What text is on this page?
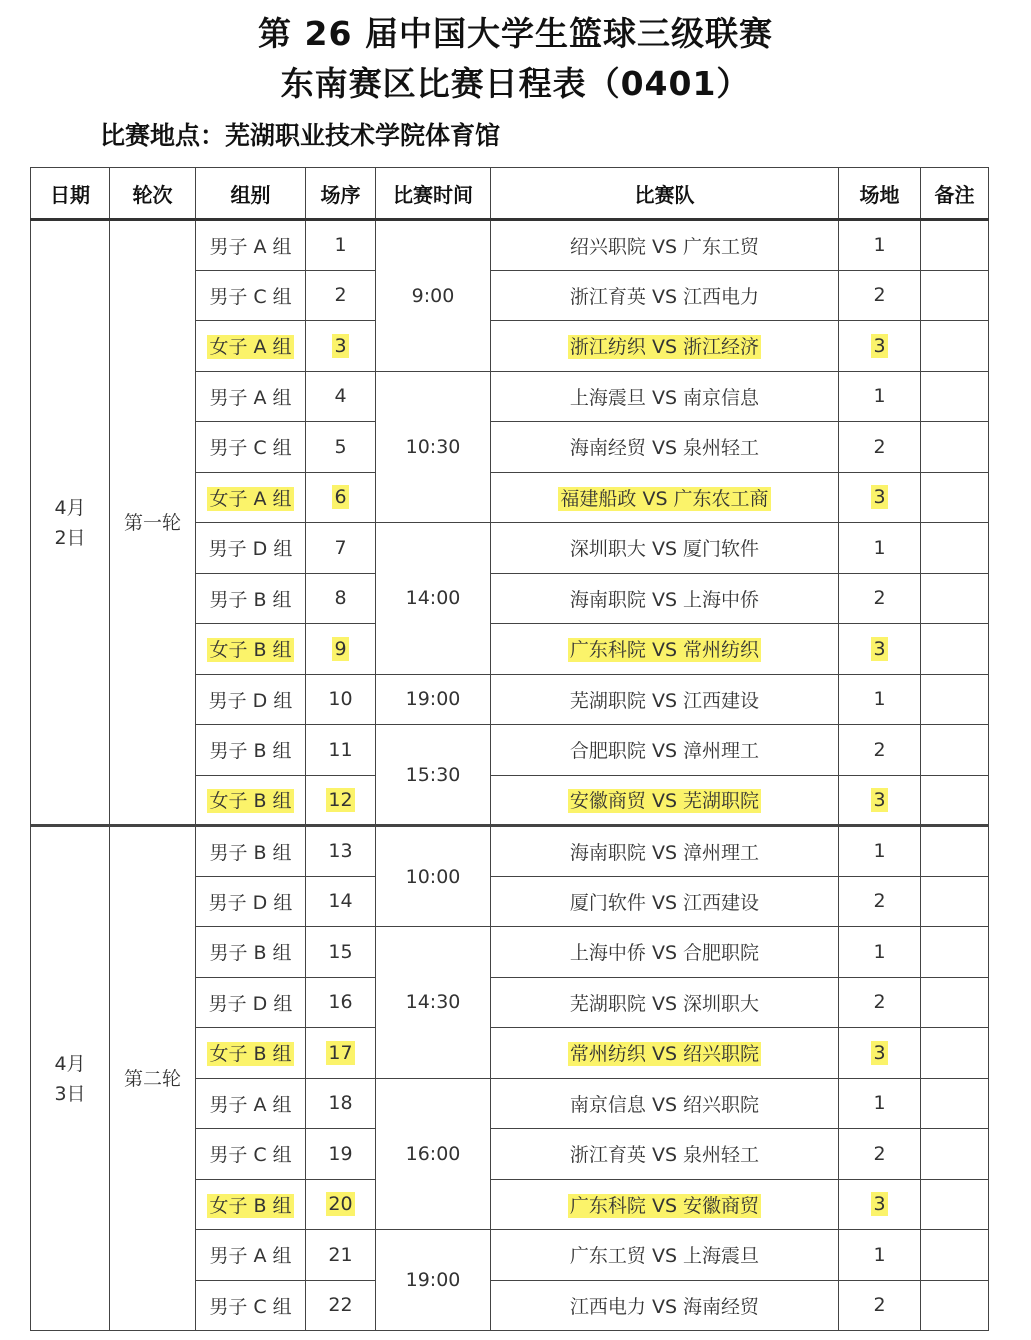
第 26 届中国大学生篮球三级联赛
东南赛区比赛日程表（0401）
比赛地点：芜湖职业技术学院体育馆
日期	轮次	组别	场序	比赛时间	比赛队	场地	备注

4月
2日	第一轮	男子 A 组	1	9:00	绍兴职院 VS 广东工贸	1	
		男子 C 组	2		浙江育英 VS 江西电力	2	
		女子 A 组	3		浙江纺织 VS 浙江经济	3	
		男子 A 组	4	10:30	上海震旦 VS 南京信息	1	
		男子 C 组	5		海南经贸 VS 泉州轻工	2	
		女子 A 组	6		福建船政 VS 广东农工商	3	
		男子 D 组	7	14:00	深圳职大 VS 厦门软件	1	
		男子 B 组	8		海南职院 VS 上海中侨	2	
		女子 B 组	9		广东科院 VS 常州纺织	3	
		男子 D 组	10	19:00	芜湖职院 VS 江西建设	1	
		男子 B 组	11	15:30	合肥职院 VS 漳州理工	2	
		女子 B 组	12		安徽商贸 VS 芜湖职院	3	

4月
3日	第二轮	男子 B 组	13	10:00	海南职院 VS 漳州理工	1	
		男子 D 组	14		厦门软件 VS 江西建设	2	
		男子 B 组	15	14:30	上海中侨 VS 合肥职院	1	
		男子 D 组	16		芜湖职院 VS 深圳职大	2	
		女子 B 组	17		常州纺织 VS 绍兴职院	3	
		男子 A 组	18	16:00	南京信息 VS 绍兴职院	1	
		男子 C 组	19		浙江育英 VS 泉州轻工	2	
		女子 B 组	20		广东科院 VS 安徽商贸	3	
		男子 A 组	21	19:00	广东工贸 VS 上海震旦	1	
		男子 C 组	22		江西电力 VS 海南经贸	2	
